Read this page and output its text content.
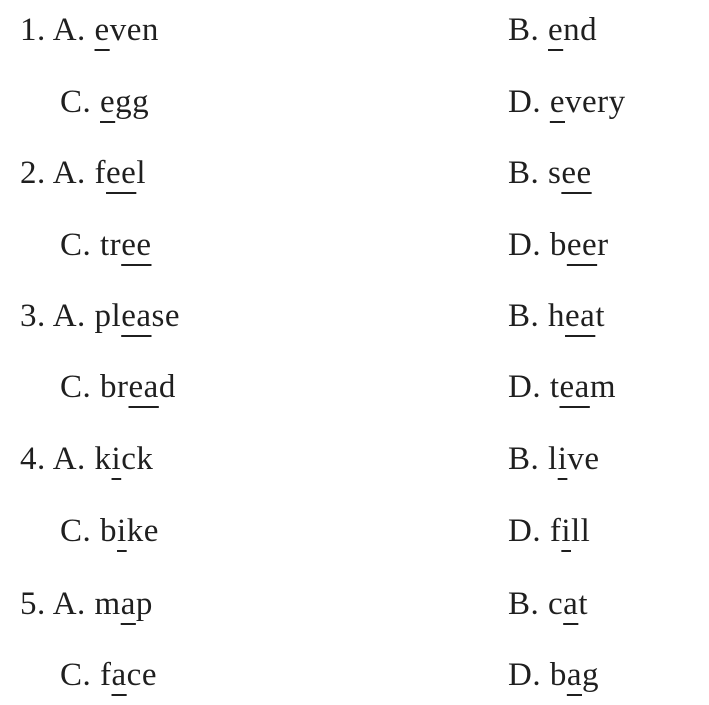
1. A. even	B. end
C. egg	D. every
2. A. feel	B. see
C. tree	D. beer
3. A. please	B. heat
C. bread	D. team
4. A. kick	B. live
C. bike	D. fill
5. A. map	B. cat
C. face	D. bag
